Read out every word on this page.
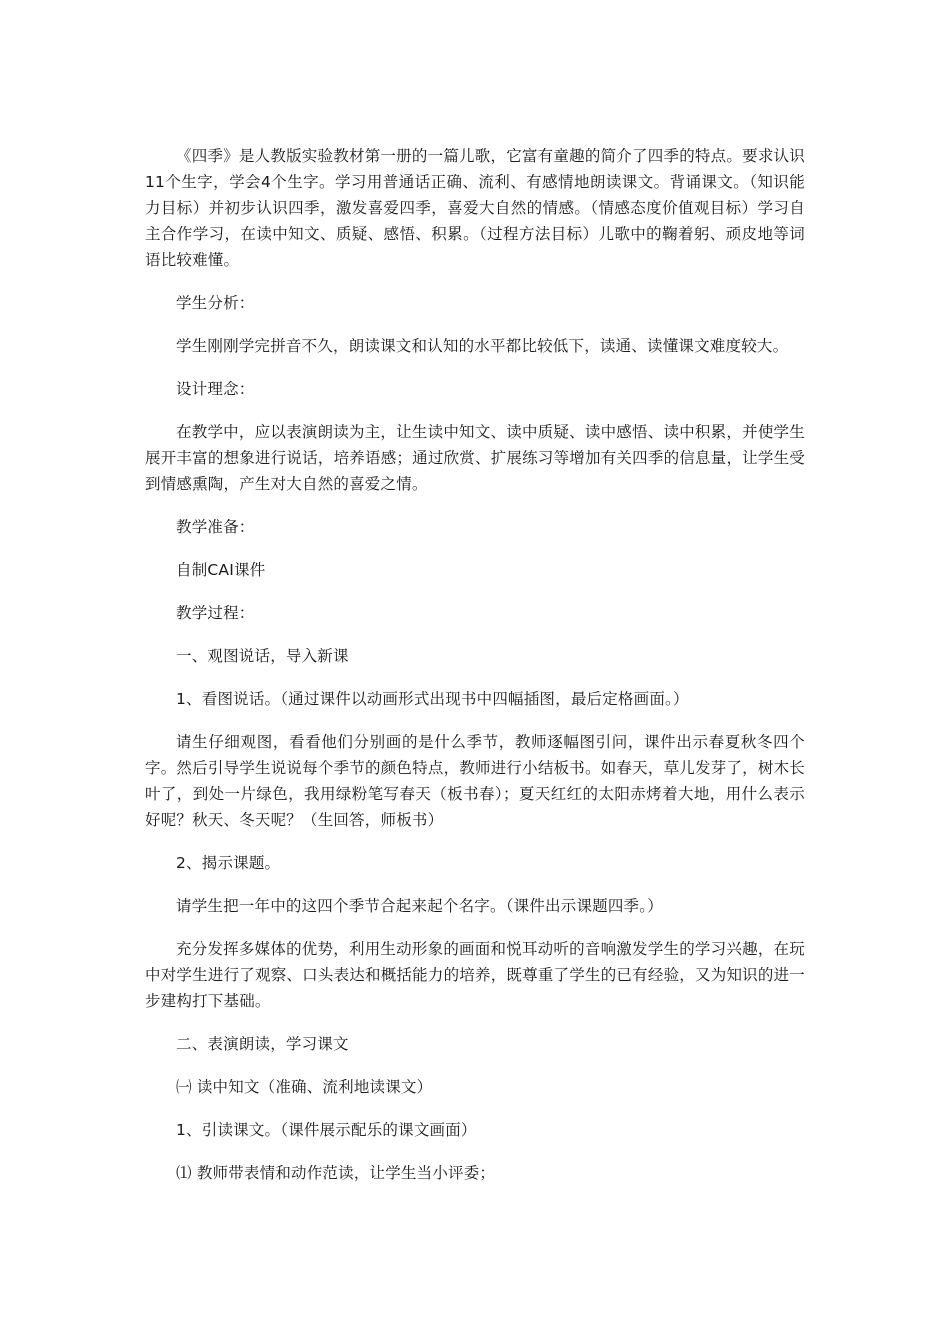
《四季》是人教版实验教材第一册的一篇儿歌，它富有童趣的简介了四季的特点。要求认识11个生字，学会4个生字。学习用普通话正确、流利、有感情地朗读课文。背诵课文。（知识能力目标）并初步认识四季，激发喜爱四季，喜爱大自然的情感。（情感态度价值观目标）学习自主合作学习，在读中知文、质疑、感悟、积累。（过程方法目标）儿歌中的鞠着躬、顽皮地等词语比较难懂。

学生分析：

学生刚刚学完拼音不久，朗读课文和认知的水平都比较低下，读通、读懂课文难度较大。

设计理念：

在教学中，应以表演朗读为主，让生读中知文、读中质疑、读中感悟、读中积累，并使学生展开丰富的想象进行说话，培养语感；通过欣赏、扩展练习等增加有关四季的信息量，让学生受到情感熏陶，产生对大自然的喜爱之情。

教学准备：

自制CAI课件

教学过程：

一、观图说话，导入新课

1、看图说话。（通过课件以动画形式出现书中四幅插图，最后定格画面。）

请生仔细观图，看看他们分别画的是什么季节，教师逐幅图引问，课件出示春夏秋冬四个字。然后引导学生说说每个季节的颜色特点，教师进行小结板书。如春天，草儿发芽了，树木长叶了，到处一片绿色，我用绿粉笔写春天（板书春）；夏天红红的太阳赤烤着大地，用什么表示好呢？秋天、冬天呢？（生回答，师板书）

2、揭示课题。

请学生把一年中的这四个季节合起来起个名字。（课件出示课题四季。）

充分发挥多媒体的优势，利用生动形象的画面和悦耳动听的音响激发学生的学习兴趣，在玩中对学生进行了观察、口头表达和概括能力的培养，既尊重了学生的已有经验，又为知识的进一步建构打下基础。

二、表演朗读，学习课文

㈠ 读中知文（准确、流利地读课文）

1、引读课文。（课件展示配乐的课文画面）

⑴ 教师带表情和动作范读，让学生当小评委；
